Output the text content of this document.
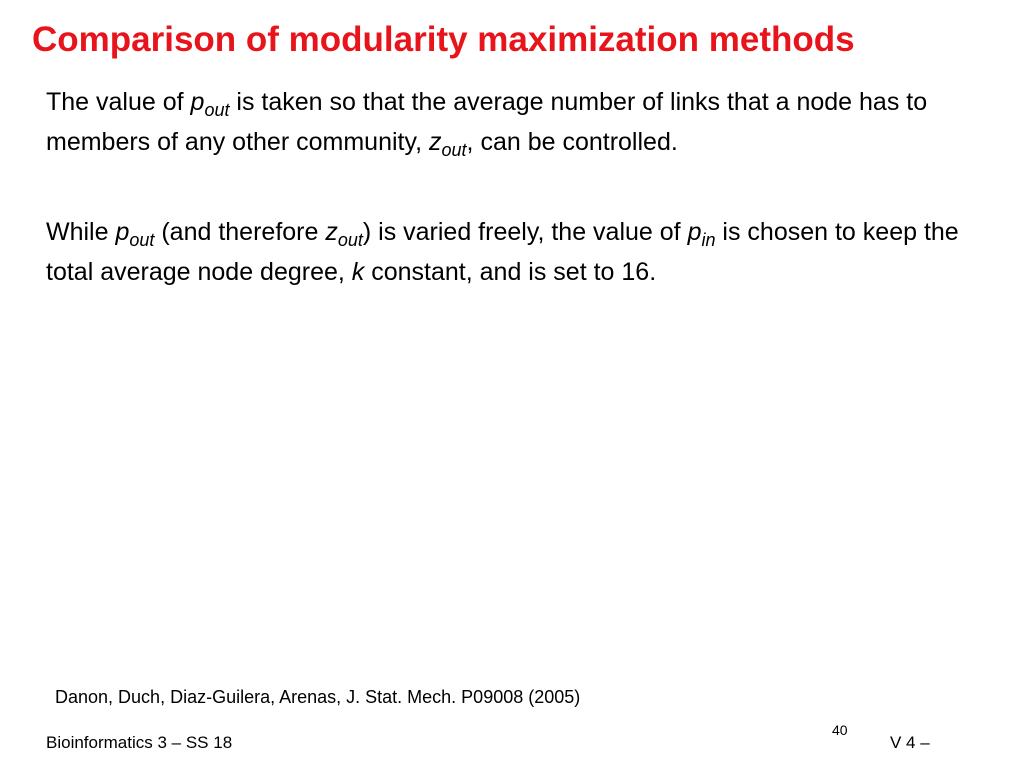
Comparison of modularity maximization methods

The value of $p_{out}$ is taken so that the average number of links that a node has to members of any other community, $z_{out}$, can be controlled.

While $p_{out}$ (and therefore $z_{out}$) is varied freely, the value of $p_{in}$ is chosen to keep the total average node degree, k constant, and is set to 16.

Danon, Duch, Diaz-Guilera, Arenas, J. Stat. Mech. P09008 (2005)
Bioinformatics 3 – SS 18
40
V 4 –
